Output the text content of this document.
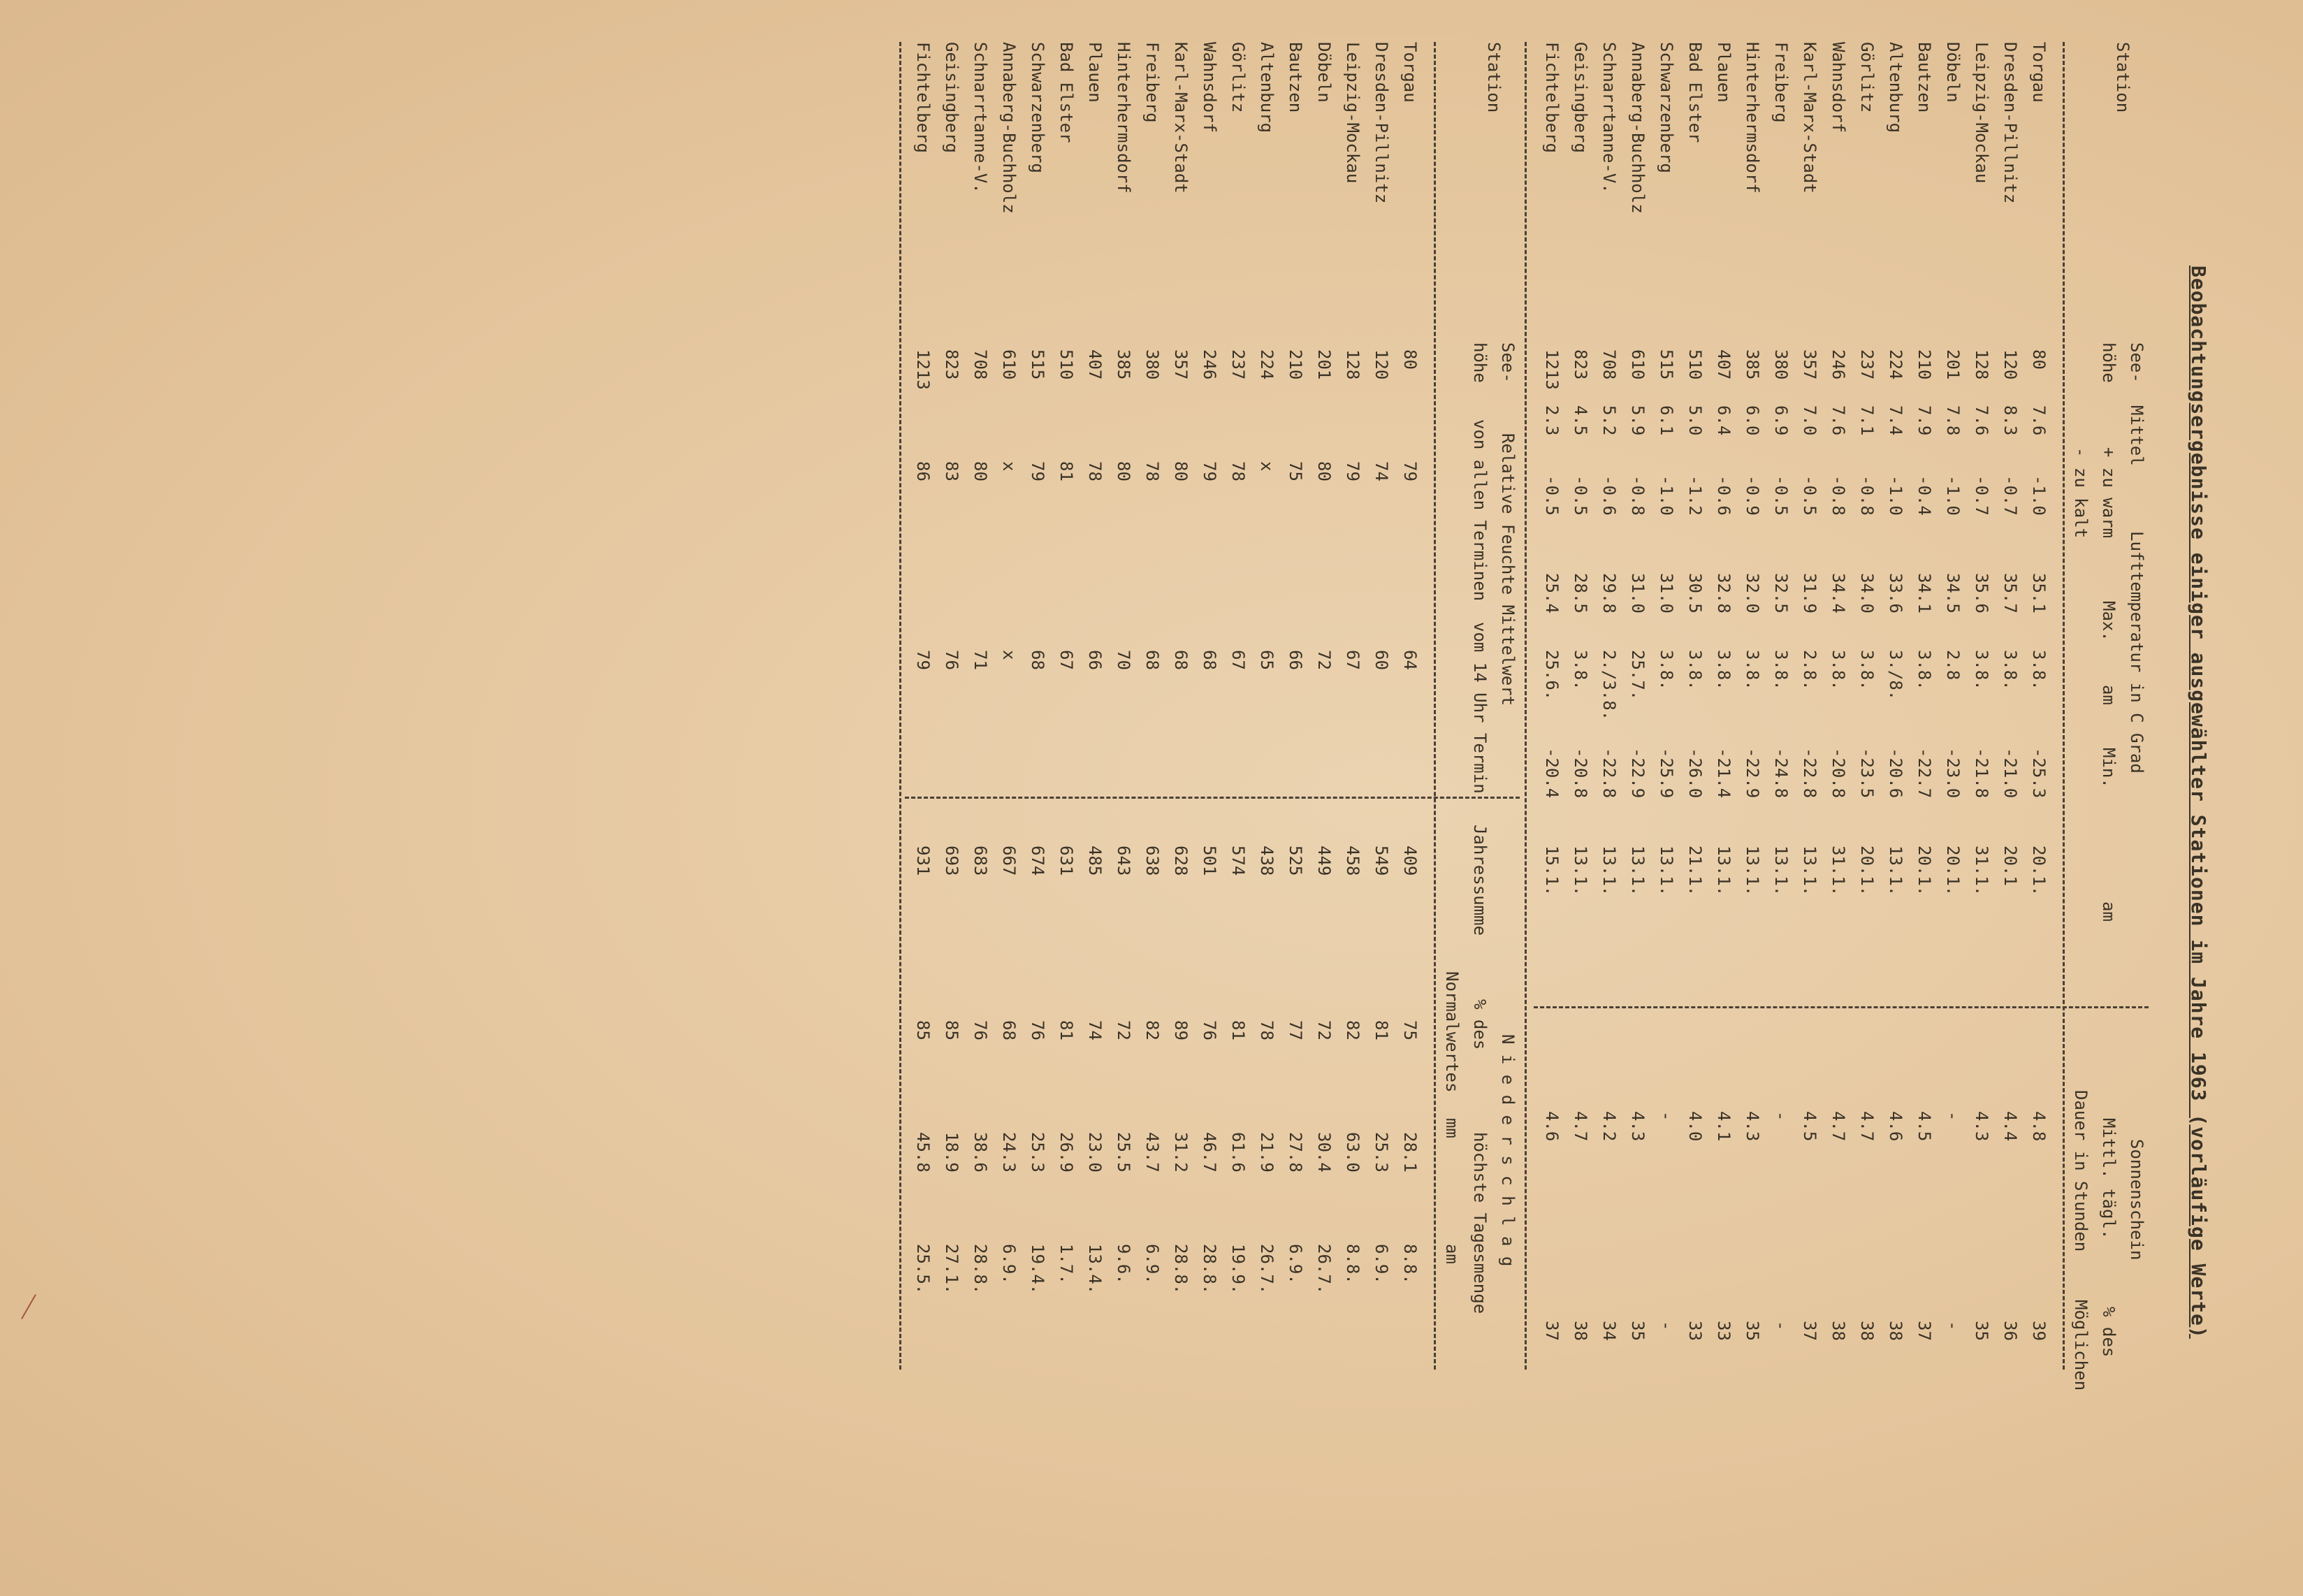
Beobachtungsergebnisse einiger ausgewählter Stationen im Jahre 1963 (vorläufige Werte)
Station
See-
höhe
Mittel
+ zu warm
- zu kalt
Lufttemperatur in C Grad
Max.
am
Min.
am
Sonnenschein
Mittl. tägl.
Dauer in Stunden
% des
Möglichen
Torgau
80
7.6
-1.0
35.1
3.8.
-25.3
20.1.
4.8
39
Dresden-Pillnitz
120
8.3
-0.7
35.7
3.8.
-21.0
20.1
4.4
36
Leipzig-Mockau
128
7.6
-0.7
35.6
3.8.
-21.8
31.1.
4.3
35
Döbeln
201
7.8
-1.0
34.5
2.8
-23.0
20.1.
-
-
Bautzen
210
7.9
-0.4
34.1
3.8.
-22.7
20.1.
4.5
37
Altenburg
224
7.4
-1.0
33.6
3./8.
-20.6
13.1.
4.6
38
Görlitz
237
7.1
-0.8
34.0
3.8.
-23.5
20.1.
4.7
38
Wahnsdorf
246
7.6
-0.8
34.4
3.8.
-20.8
31.1.
4.7
38
Karl-Marx-Stadt
357
7.0
-0.5
31.9
2.8.
-22.8
13.1.
4.5
37
Freiberg
380
6.9
-0.5
32.5
3.8.
-24.8
13.1.
-
-
Hinterhermsdorf
385
6.0
-0.9
32.0
3.8.
-22.9
13.1.
4.3
35
Plauen
407
6.4
-0.6
32.8
3.8.
-21.4
13.1.
4.1
33
Bad Elster
510
5.0
-1.2
30.5
3.8.
-26.0
21.1.
4.0
33
Schwarzenberg
515
6.1
-1.0
31.0
3.8.
-25.9
13.1.
-
-
Annaberg-Buchholz
610
5.9
-0.8
31.0
25.7.
-22.9
13.1.
4.3
35
Schnarrtanne-V.
708
5.2
-0.6
29.8
2./3.8.
-22.8
13.1.
4.2
34
Geisingberg
823
4.5
-0.5
28.5
3.8.
-20.8
13.1.
4.7
38
Fichtelberg
1213
2.3
-0.5
25.4
25.6.
-20.4
15.1.
4.6
37
Station
See-
höhe
Relative Feuchte Mittelwert
von allen Terminen
vom 14 Uhr Termin
N i e d e r s c h l a g
Jahressumme
% des
Normalwertes
höchste Tagesmenge
mm
am
Torgau
80
79
64
409
75
28.1
8.8.
Dresden-Pillnitz
120
74
60
549
81
25.3
6.9.
Leipzig-Mockau
128
79
67
458
82
63.0
8.8.
Döbeln
201
80
72
449
72
30.4
26.7.
Bautzen
210
75
66
525
77
27.8
6.9.
Altenburg
224
x
65
438
78
21.9
26.7.
Görlitz
237
78
67
574
81
61.6
19.9.
Wahnsdorf
246
79
68
501
76
46.7
28.8.
Karl-Marx-Stadt
357
80
68
628
89
31.2
28.8.
Freiberg
380
78
68
638
82
43.7
6.9.
Hinterhermsdorf
385
80
70
643
72
25.5
9.6.
Plauen
407
78
66
485
74
23.0
13.4.
Bad Elster
510
81
67
631
81
26.9
1.7.
Schwarzenberg
515
79
68
674
76
25.3
19.4.
Annaberg-Buchholz
610
x
x
667
68
24.3
6.9.
Schnarrtanne-V.
708
80
71
683
76
38.6
28.8.
Geisingberg
823
83
76
693
85
18.9
27.1.
Fichtelberg
1213
86
79
931
85
45.8
25.5.
